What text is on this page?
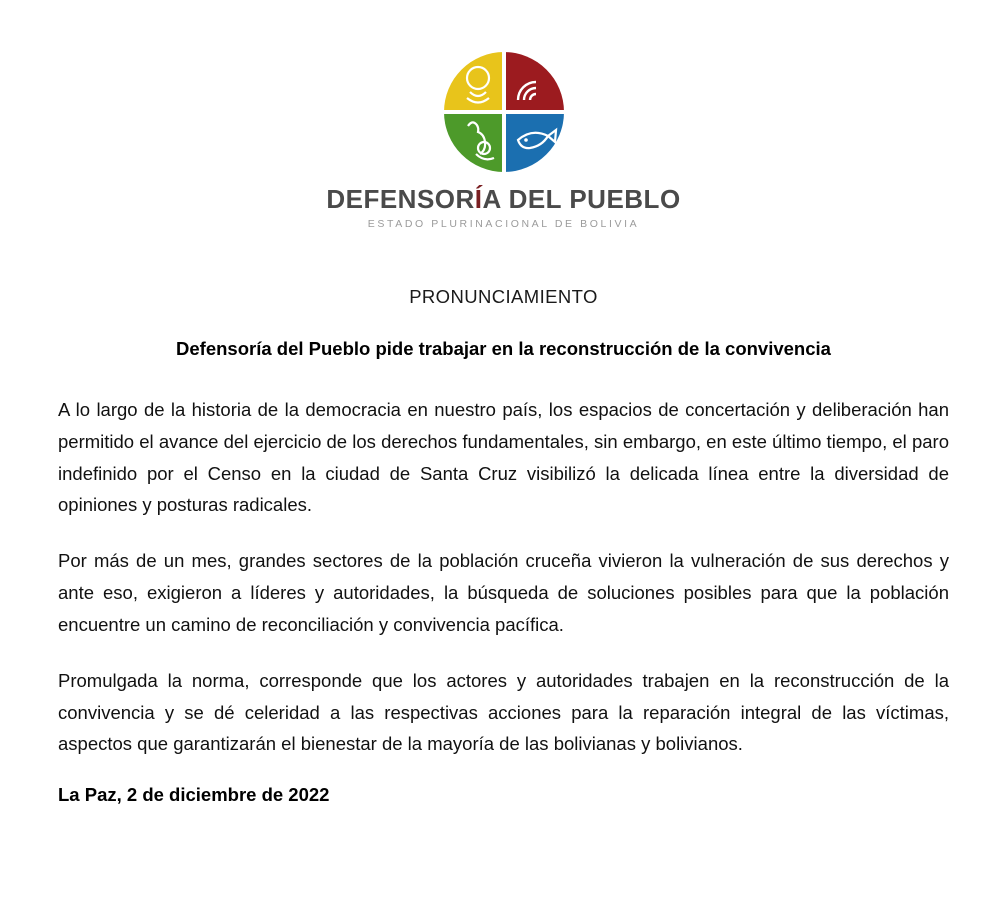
DEFENSORÍA DEL PUEBLO
ESTADO PLURINACIONAL DE BOLIVIA
PRONUNCIAMIENTO
Defensoría del Pueblo pide trabajar en la reconstrucción de la convivencia

A lo largo de la historia de la democracia en nuestro país, los espacios de concertación y deliberación han permitido el avance del ejercicio de los derechos fundamentales, sin embargo, en este último tiempo, el paro indefinido por el Censo en la ciudad de Santa Cruz visibilizó la delicada línea entre la diversidad de opiniones y posturas radicales.

Por más de un mes, grandes sectores de la población cruceña vivieron la vulneración de sus derechos y ante eso, exigieron a líderes y autoridades, la búsqueda de soluciones posibles para que la población encuentre un camino de reconciliación y convivencia pacífica.

Promulgada la norma, corresponde que los actores y autoridades trabajen en la reconstrucción de la convivencia y se dé celeridad a las respectivas acciones para la reparación integral de las víctimas, aspectos que garantizarán el bienestar de la mayoría de las bolivianas y bolivianos.

La Paz, 2 de diciembre de 2022
